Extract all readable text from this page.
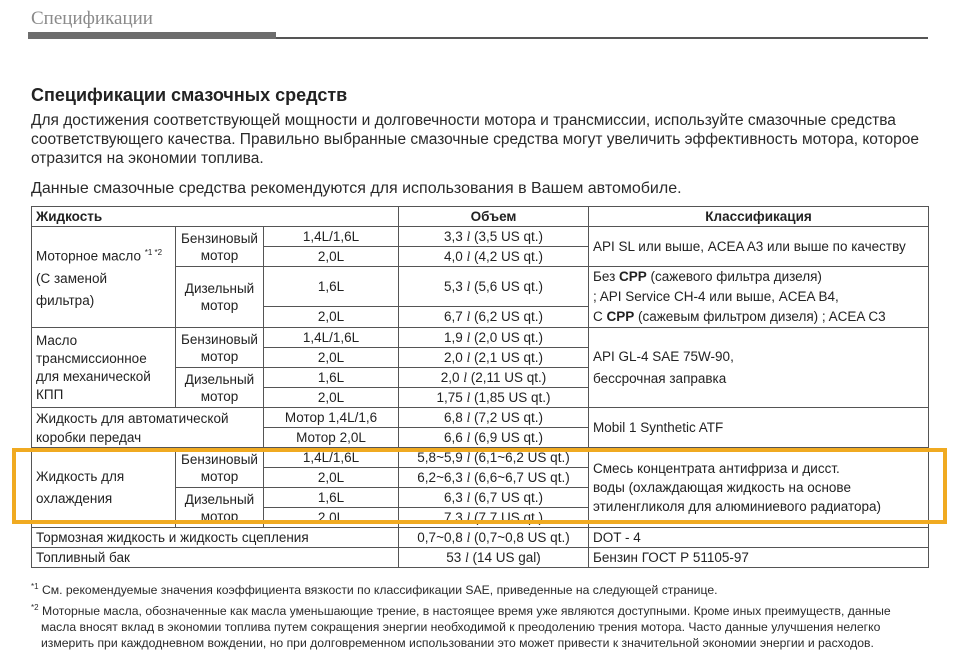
Спецификации
Спецификации смазочных средств

Для достижения соответствующей мощности и долговечности мотора и трансмиссии, используйте смазочные средства соответствующего качества. Правильно выбранные смазочные средства могут увеличить эффективность мотора, которое отразится на экономии топлива.

Данные смазочные средства рекомендуются для использования в Вашем автомобиле.

Жидкость			Объем	Классификация
Моторное масло $^{*1 *2}$
(С заменой
фильтра)	Бензиновый мотор	1,4L/1,6L	3,3 l (3,5 US qt.)	API SL или выше, ACEA A3 или выше по качеству
		2,0L	4,0 l (4,2 US qt.)	
	Дизельный мотор	1,6L	5,3 l (5,6 US qt.)	Без CPP (сажевого фильтра дизеля)
; API Service CH-4 или выше, ACEA B4,
С CPP (сажевым фильтром дизеля) ; ACEA C3
		2,0L	6,7 l (6,2 US qt.)	
Масло
трансмиссионное
для механической
КПП	Бензиновый мотор	1,4L/1,6L	1,9 l (2,0 US qt.)	API GL-4 SAE 75W-90,
бессрочная заправка
		2,0L	2,0 l (2,1 US qt.)	
	Дизельный мотор	1,6L	2,0 l (2,11 US qt.)	
		2,0L	1,75 l (1,85 US qt.)	
Жидкость для автоматической
коробки передач		Мотор 1,4L/1,6	6,8 l (7,2 US qt.)	Mobil 1 Synthetic ATF
		Мотор 2,0L	6,6 l (6,9 US qt.)	
Жидкость для
охлаждения	Бензиновый мотор	1,4L/1,6L	5,8~5,9 l (6,1~6,2 US qt.)	Смесь концентрата антифриза и дисст.
воды (охлаждающая жидкость на основе
этиленгликоля для алюминиевого радиатора)
		2,0L	6,2~6,3 l (6,6~6,7 US qt.)	
	Дизельный мотор	1,6L	6,3 l (6,7 US qt.)	
		2,0L	7,3 l (7,7 US qt.)	
Тормозная жидкость и жидкость сцепления			0,7~0,8 l (0,7~0,8 US qt.)	DOT - 4
Топливный бак			53 l (14 US gal)	Бензин ГОСТ Р 51105-97

$^{*1}$ См. рекомендуемые значения коэффициента вязкости по классификации SAE, приведенные на следующей странице.

$^{*2}$ Моторные масла, обозначенные как масла уменьшающие трение, в настоящее время уже являются доступными. Кроме иных преимуществ, данные
масла вносят вклад в экономии топлива путем сокращения энергии необходимой к преодолению трения мотора. Часто данные улучшения нелегко
измерить при каждодневном вождении, но при долговременном использовании это может привести к значительной экономии энергии и расходов.
